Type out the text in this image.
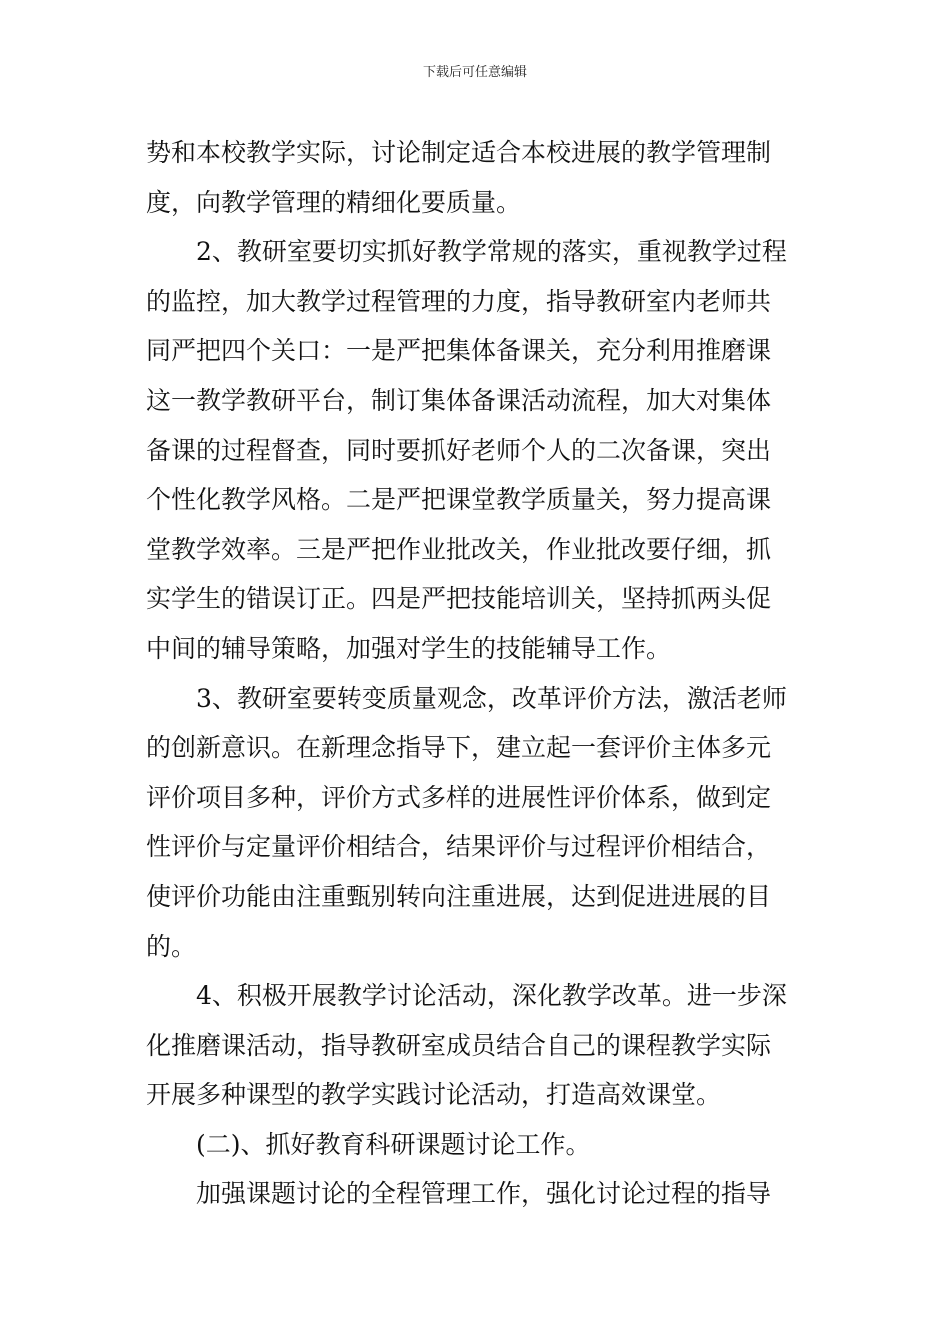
下载后可任意编辑
势和本校教学实际，讨论制定适合本校进展的教学管理制
度，向教学管理的精细化要质量。
2、教研室要切实抓好教学常规的落实，重视教学过程
的监控，加大教学过程管理的力度，指导教研室内老师共
同严把四个关口：一是严把集体备课关，充分利用推磨课
这一教学教研平台，制订集体备课活动流程，加大对集体
备课的过程督查，同时要抓好老师个人的二次备课，突出
个性化教学风格。二是严把课堂教学质量关，努力提高课
堂教学效率。三是严把作业批改关，作业批改要仔细，抓
实学生的错误订正。四是严把技能培训关，坚持抓两头促
中间的辅导策略，加强对学生的技能辅导工作。
3、教研室要转变质量观念，改革评价方法，激活老师
的创新意识。在新理念指导下，建立起一套评价主体多元
评价项目多种，评价方式多样的进展性评价体系，做到定
性评价与定量评价相结合，结果评价与过程评价相结合，
使评价功能由注重甄别转向注重进展，达到促进进展的目
的。
4、积极开展教学讨论活动，深化教学改革。进一步深
化推磨课活动，指导教研室成员结合自己的课程教学实际
开展多种课型的教学实践讨论活动，打造高效课堂。
(二)、抓好教育科研课题讨论工作。
加强课题讨论的全程管理工作，强化讨论过程的指导
